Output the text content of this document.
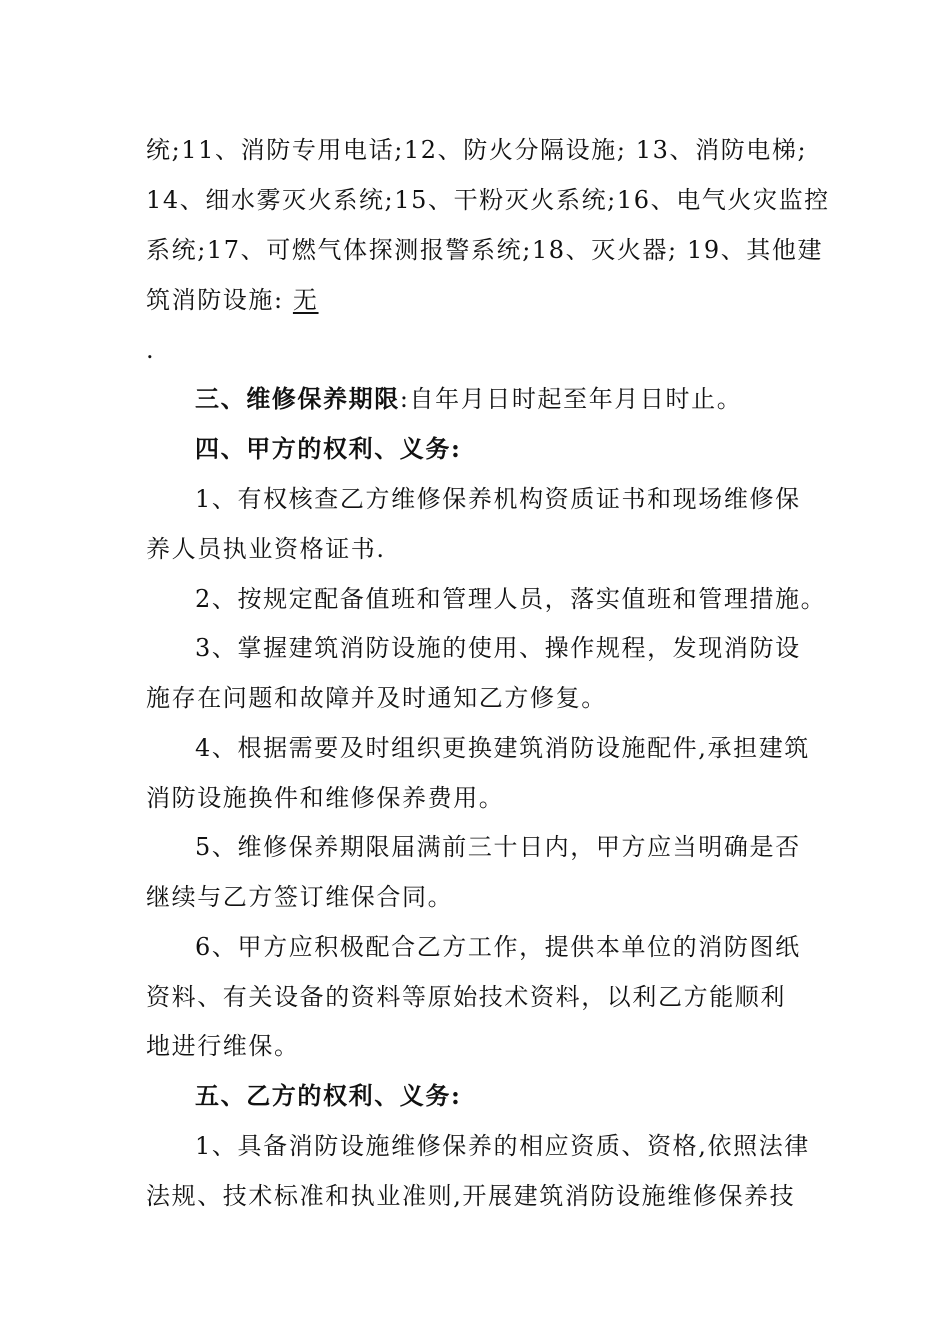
统;11、消防专用电话;12、防火分隔设施; 13、消防电梯;
14、细水雾灭火系统;15、干粉灭火系统;16、电气火灾监控
系统;17、可燃气体探测报警系统;18、灭火器; 19、其他建
筑消防设施: 无
.
三、维修保养期限:自年月日时起至年月日时止。
四、甲方的权利、义务:
1、有权核查乙方维修保养机构资质证书和现场维修保
养人员执业资格证书.
2、按规定配备值班和管理人员，落实值班和管理措施。
3、掌握建筑消防设施的使用、操作规程，发现消防设
施存在问题和故障并及时通知乙方修复。
4、根据需要及时组织更换建筑消防设施配件,承担建筑
消防设施换件和维修保养费用。
5、维修保养期限届满前三十日内，甲方应当明确是否
继续与乙方签订维保合同。
6、甲方应积极配合乙方工作，提供本单位的消防图纸
资料、有关设备的资料等原始技术资料，以利乙方能顺利
地进行维保。
五、乙方的权利、义务:
1、具备消防设施维修保养的相应资质、资格,依照法律
法规、技术标准和执业准则,开展建筑消防设施维修保养技
